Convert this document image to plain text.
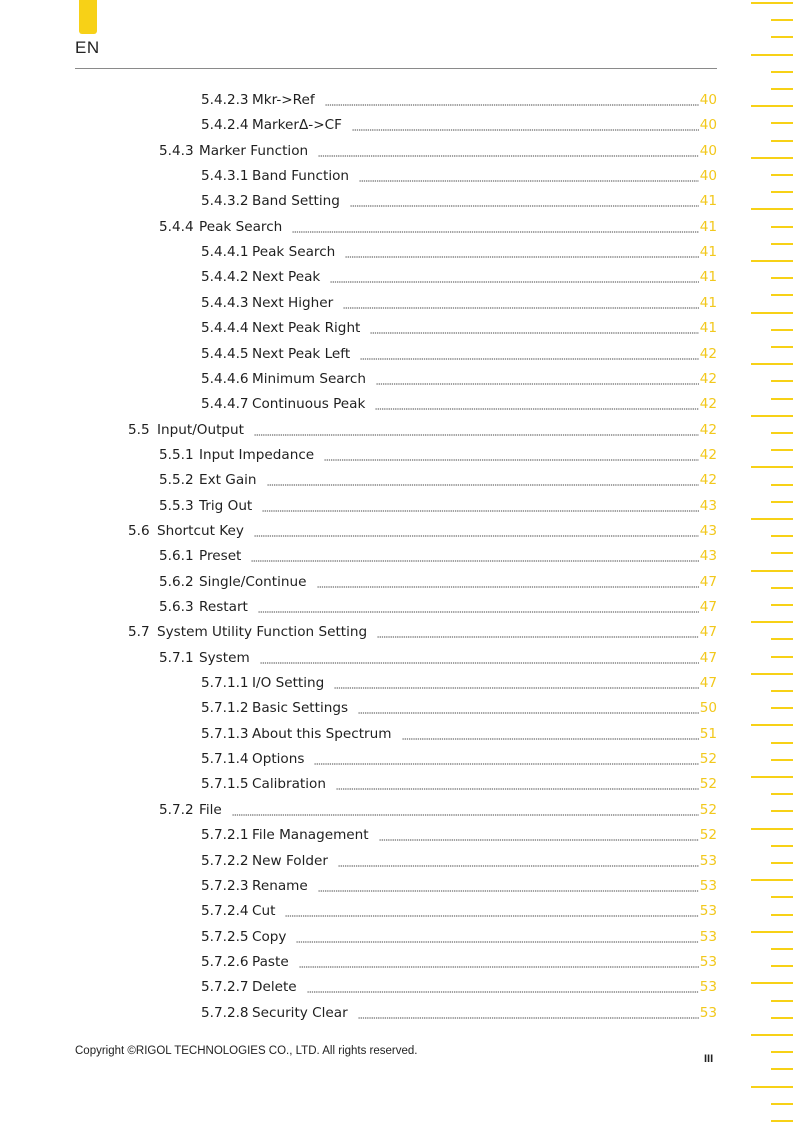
EN
5.4.2.3 Mkr->Ref	40
5.4.2.4 MarkerΔ->CF	40
5.4.3 Marker Function	40
5.4.3.1 Band Function	40
5.4.3.2 Band Setting	41
5.4.4 Peak Search	41
5.4.4.1 Peak Search	41
5.4.4.2 Next Peak	41
5.4.4.3 Next Higher	41
5.4.4.4 Next Peak Right	41
5.4.4.5 Next Peak Left	42
5.4.4.6 Minimum Search	42
5.4.4.7 Continuous Peak	42
5.5 Input/Output	42
5.5.1 Input Impedance	42
5.5.2 Ext Gain	42
5.5.3 Trig Out	43
5.6 Shortcut Key	43
5.6.1 Preset	43
5.6.2 Single/Continue	47
5.6.3 Restart	47
5.7 System Utility Function Setting	47
5.7.1 System	47
5.7.1.1 I/O Setting	47
5.7.1.2 Basic Settings	50
5.7.1.3 About this Spectrum	51
5.7.1.4 Options	52
5.7.1.5 Calibration	52
5.7.2 File	52
5.7.2.1 File Management	52
5.7.2.2 New Folder	53
5.7.2.3 Rename	53
5.7.2.4 Cut	53
5.7.2.5 Copy	53
5.7.2.6 Paste	53
5.7.2.7 Delete	53
5.7.2.8 Security Clear	53
Copyright ©RIGOL TECHNOLOGIES CO., LTD. All rights reserved.
III
